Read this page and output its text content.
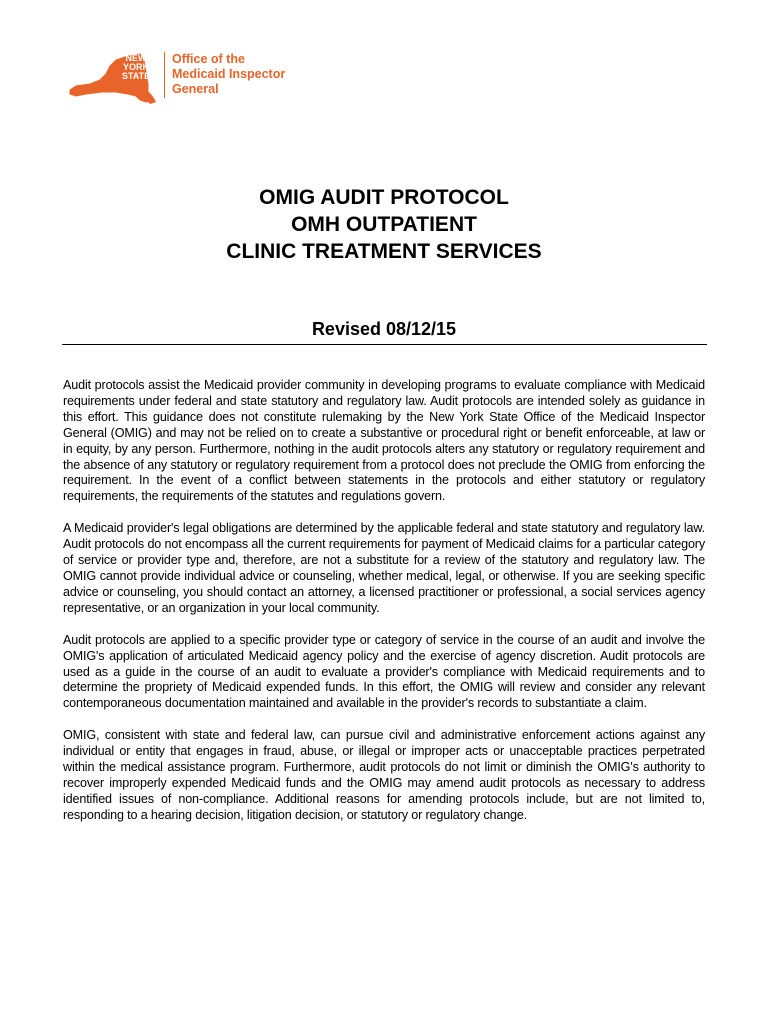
NEW
YORK
STATE
Office of the
Medicaid Inspector
General
OMIG AUDIT PROTOCOL
OMH OUTPATIENT
CLINIC TREATMENT SERVICES
Revised 08/12/15

Audit protocols assist the Medicaid provider community in developing programs to evaluate compliance with Medicaid requirements under federal and state statutory and regulatory law. Audit protocols are intended solely as guidance in this effort. This guidance does not constitute rulemaking by the New York State Office of the Medicaid Inspector General (OMIG) and may not be relied on to create a substantive or procedural right or benefit enforceable, at law or in equity, by any person. Furthermore, nothing in the audit protocols alters any statutory or regulatory requirement and the absence of any statutory or regulatory requirement from a protocol does not preclude the OMIG from enforcing the requirement. In the event of a conflict between statements in the protocols and either statutory or regulatory requirements, the requirements of the statutes and regulations govern.

A Medicaid provider's legal obligations are determined by the applicable federal and state statutory and regulatory law. Audit protocols do not encompass all the current requirements for payment of Medicaid claims for a particular category of service or provider type and, therefore, are not a substitute for a review of the statutory and regulatory law. The OMIG cannot provide individual advice or counseling, whether medical, legal, or otherwise. If you are seeking specific advice or counseling, you should contact an attorney, a licensed practitioner or professional, a social services agency representative, or an organization in your local community.

Audit protocols are applied to a specific provider type or category of service in the course of an audit and involve the OMIG's application of articulated Medicaid agency policy and the exercise of agency discretion. Audit protocols are used as a guide in the course of an audit to evaluate a provider's compliance with Medicaid requirements and to determine the propriety of Medicaid expended funds. In this effort, the OMIG will review and consider any relevant contemporaneous documentation maintained and available in the provider's records to substantiate a claim.

OMIG, consistent with state and federal law, can pursue civil and administrative enforcement actions against any individual or entity that engages in fraud, abuse, or illegal or improper acts or unacceptable practices perpetrated within the medical assistance program. Furthermore, audit protocols do not limit or diminish the OMIG's authority to recover improperly expended Medicaid funds and the OMIG may amend audit protocols as necessary to address identified issues of non-compliance. Additional reasons for amending protocols include, but are not limited to, responding to a hearing decision, litigation decision, or statutory or regulatory change.
